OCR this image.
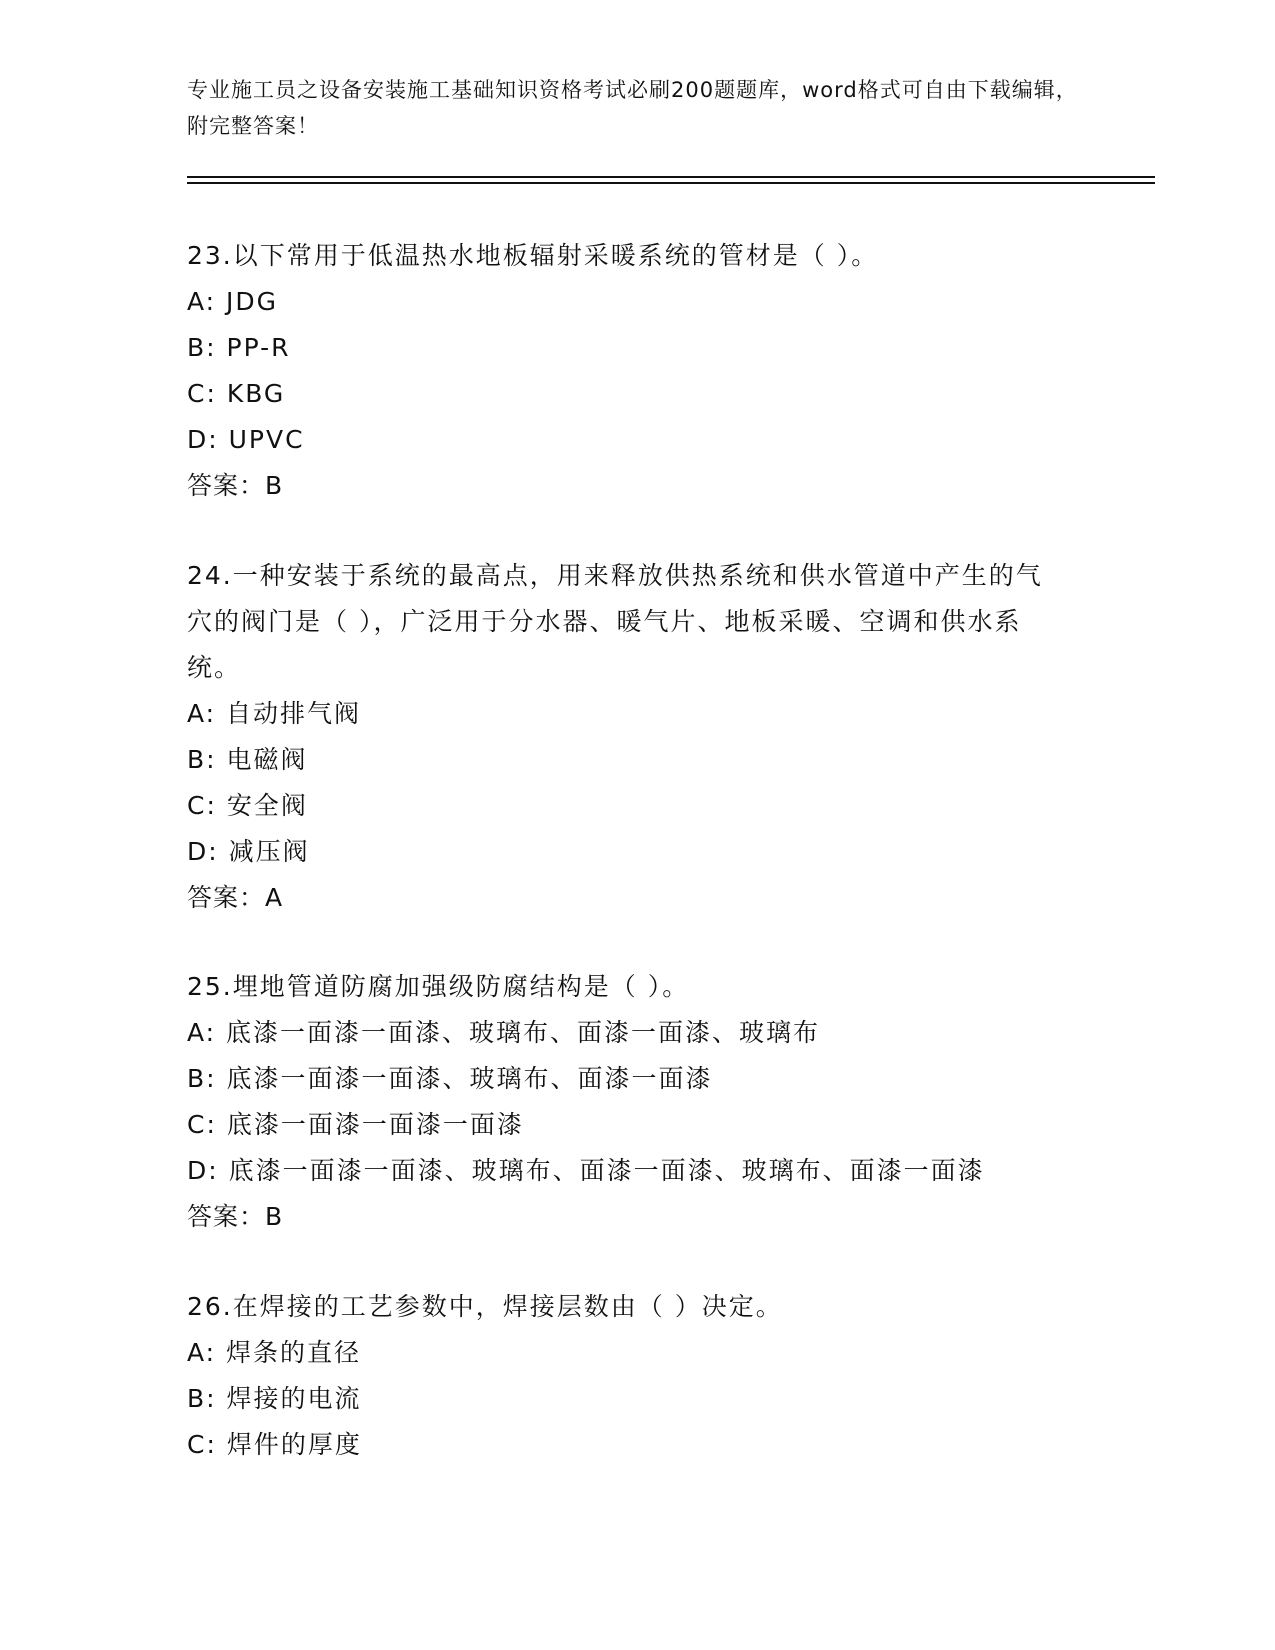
专业施工员之设备安装施工基础知识资格考试必刷200题题库，word格式可自由下载编辑，附完整答案！
23.以下常用于低温热水地板辐射采暖系统的管材是（ ）。
A: JDG
B: PP-R
C: KBG
D: UPVC
答案：B
24.一种安装于系统的最高点，用来释放供热系统和供水管道中产生的气穴的阀门是（ ），广泛用于分水器、暖气片、地板采暖、空调和供水系统。
A: 自动排气阀
B: 电磁阀
C: 安全阀
D: 减压阀
答案：A
25.埋地管道防腐加强级防腐结构是（ ）。
A: 底漆一面漆一面漆、玻璃布、面漆一面漆、玻璃布
B: 底漆一面漆一面漆、玻璃布、面漆一面漆
C: 底漆一面漆一面漆一面漆
D: 底漆一面漆一面漆、玻璃布、面漆一面漆、玻璃布、面漆一面漆
答案：B
26.在焊接的工艺参数中，焊接层数由（ ）决定。
A: 焊条的直径
B: 焊接的电流
C: 焊件的厚度
